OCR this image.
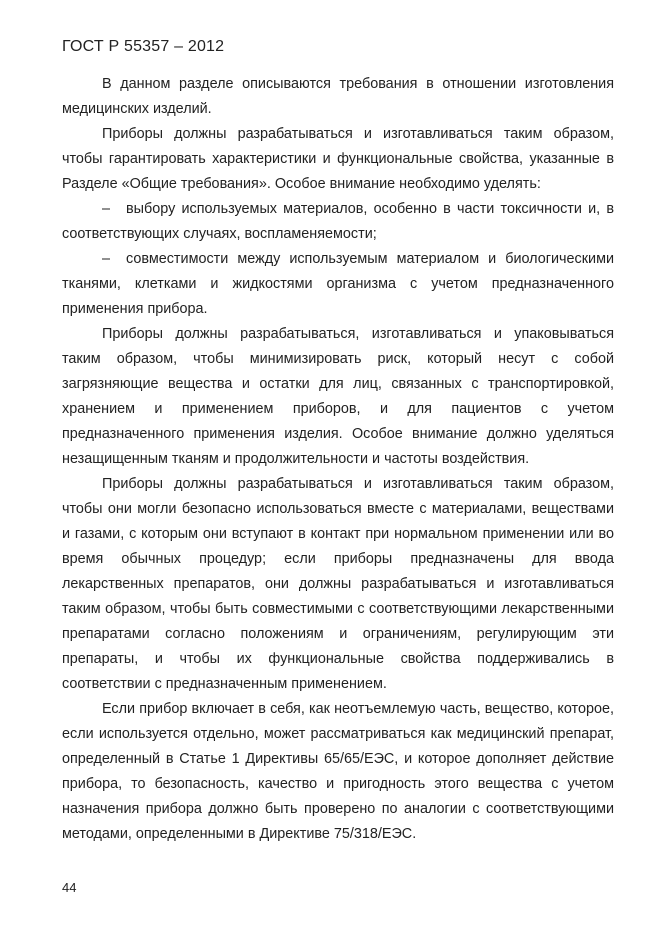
ГОСТ Р 55357 – 2012

В данном разделе описываются требования в отношении изготовления медицинских изделий.

Приборы должны разрабатываться и изготавливаться таким образом, чтобы гарантировать характеристики и функциональные свойства, указанные в Разделе «Общие требования». Особое внимание необходимо уделять:

– выбору используемых материалов, особенно в части токсичности и, в соответствующих случаях, воспламеняемости;

– совместимости между используемым материалом и биологическими тканями, клетками и жидкостями организма с учетом предназначенного применения прибора.

Приборы должны разрабатываться, изготавливаться и упаковываться таким образом, чтобы минимизировать риск, который несут с собой загрязняющие вещества и остатки для лиц, связанных с транспортировкой, хранением и применением приборов, и для пациентов с учетом предназначенного применения изделия. Особое внимание должно уделяться незащищенным тканям и продолжительности и частоты воздействия.

Приборы должны разрабатываться и изготавливаться таким образом, чтобы они могли безопасно использоваться вместе с материалами, веществами и газами, с которым они вступают в контакт при нормальном применении или во время обычных процедур; если приборы предназначены для ввода лекарственных препаратов, они должны разрабатываться и изготавливаться таким образом, чтобы быть совместимыми с соответствующими лекарственными препаратами согласно положениям и ограничениям, регулирующим эти препараты, и чтобы их функциональные свойства поддерживались в соответствии с предназначенным применением.

Если прибор включает в себя, как неотъемлемую часть, вещество, которое, если используется отдельно, может рассматриваться как медицинский препарат, определенный в Статье 1 Директивы 65/65/ЕЭС, и которое дополняет действие прибора, то безопасность, качество и пригодность этого вещества с учетом назначения прибора должно быть проверено по аналогии с соответствующими методами, определенными в Директиве 75/318/ЕЭС.

44
